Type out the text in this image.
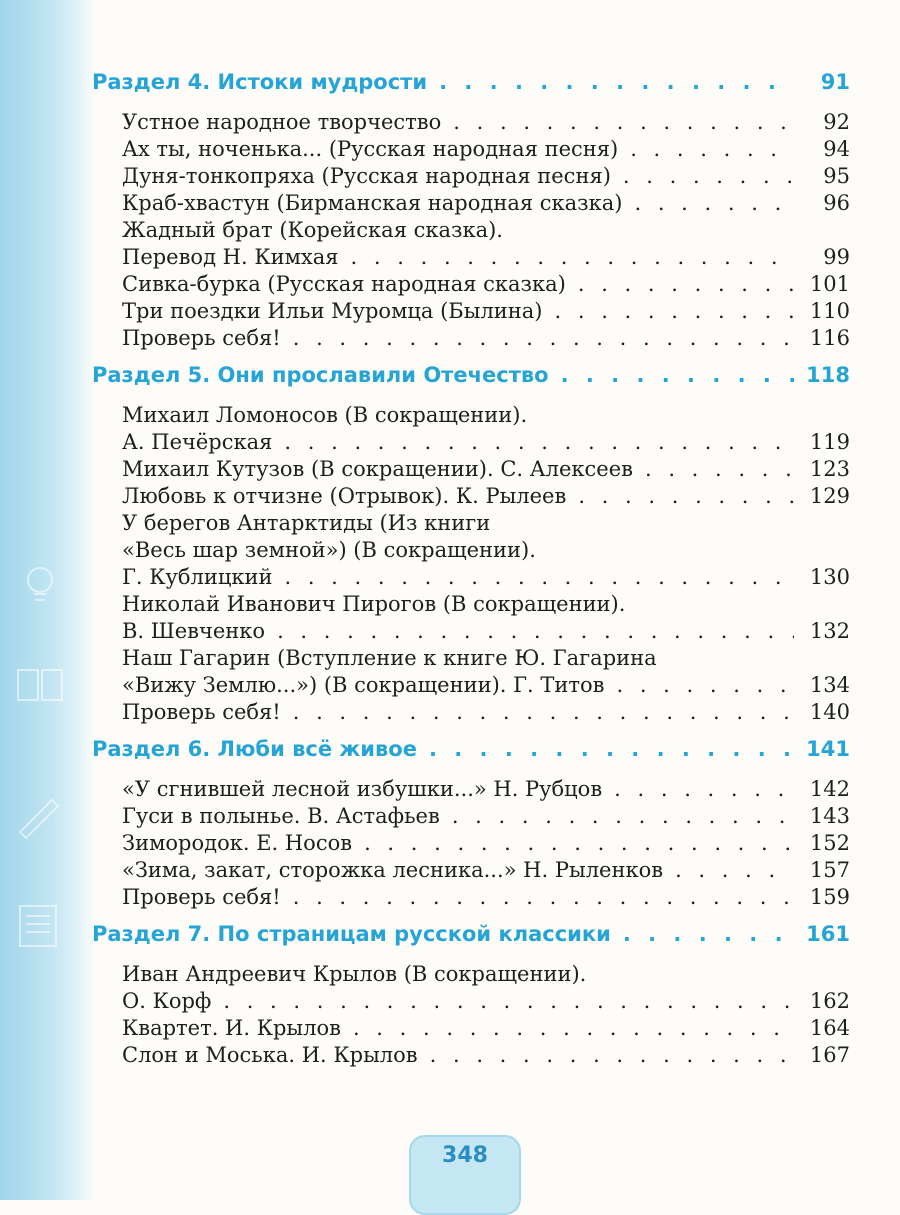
Раздел 4. Истоки мудрости . . .	91
Устное народное творчество . . .	92
Ах ты, ноченька... (Русская народная песня) . . .	94
Дуня-тонкопряха (Русская народная песня) . . .	95
Краб-хвастун (Бирманская народная сказка) . . .	96
Жадный брат (Корейская сказка).
Перевод Н. Кимхая . . .	99
Сивка-бурка (Русская народная сказка) . . .	101
Три поездки Ильи Муромца (Былина) . . .	110
Проверь себя! . . .	116
Раздел 5. Они прославили Отечество . . .	118
Михаил Ломоносов (В сокращении).
А. Печёрская . . .	119
Михаил Кутузов (В сокращении). С. Алексеев . . .	123
Любовь к отчизне (Отрывок). К. Рылеев . . .	129
У берегов Антарктиды (Из книги
«Весь шар земной») (В сокращении).
Г. Кублицкий . . .	130
Николай Иванович Пирогов (В сокращении).
В. Шевченко . . .	132
Наш Гагарин (Вступление к книге Ю. Гагарина
«Вижу Землю...») (В сокращении). Г. Титов . . .	134
Проверь себя! . . .	140
Раздел 6. Люби всё живое . . .	141
«У сгнившей лесной избушки...» Н. Рубцов . . .	142
Гуси в полынье. В. Астафьев . . .	143
Зимородок. Е. Носов . . .	152
«Зима, закат, сторожка лесника...» Н. Рыленков . . .	157
Проверь себя! . . .	159
Раздел 7. По страницам русской классики . . .	161
Иван Андреевич Крылов (В сокращении).
О. Корф . . .	162
Квартет. И. Крылов . . .	164
Слон и Моська. И. Крылов . . .	167
348
